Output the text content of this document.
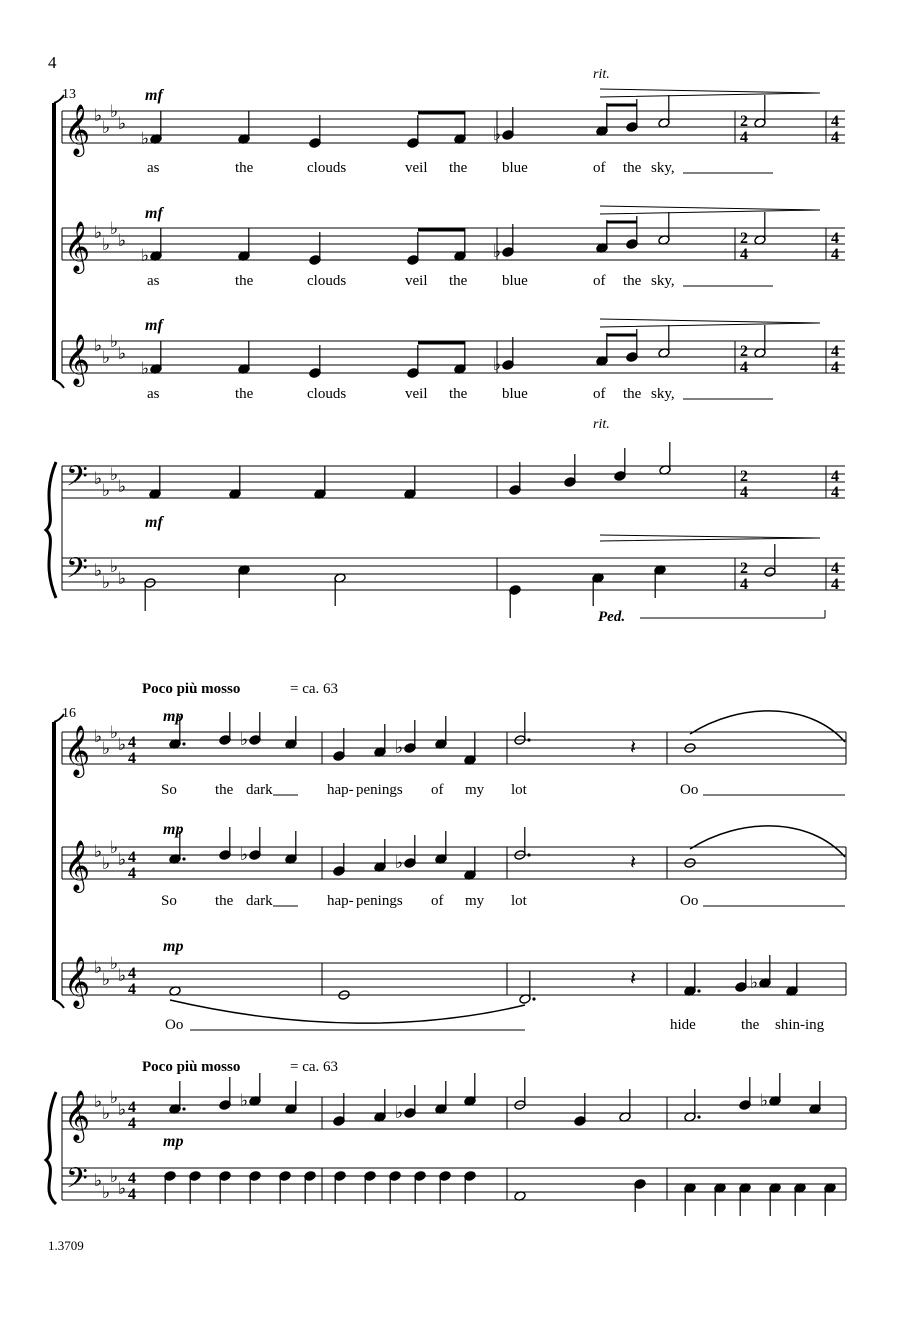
4
1.3709
13
rit.
rit.
mf
mf
mf
mf
Ped.
𝄞 ♭
♭
♭
♭	2
4
4
4
𝄞 ♭
♭
♭
♭	2
4
4
4
𝄞 ♭
♭
♭
♭	2
4
4
4
𝄢 ♭
♭
♭
♭
2
4
4
4
𝄢 ♭
♭
♭
♭
2
4
4
4
as	the	clouds	veil the blue	of the sky,
as	the	clouds	veil the blue	of the sky,
as	the	clouds	veil the blue	of the sky,
Poco più mosso	= ca. 63
Poco più mosso	= ca. 63
16	mp
mp
mp
mp
𝄞 ♭
♭
♭
♭ 4
4
𝄞 ♭
♭
♭
♭ 4
4
𝄞 ♭
♭
♭
♭ 4
4
𝄞 ♭
♭
♭
♭ 4
4
𝄢 ♭
♭
♭
♭
4
4
So	the dark	hap- penings of my lot	Oo
So	the dark	hap- penings of my lot	Oo
Oo	hide	the shin-ing
♭	♭
♭	♭
♭	♭
♭	♭	𝄽
♭	♭	𝄽
𝄽	♭
♭
♭
♭
